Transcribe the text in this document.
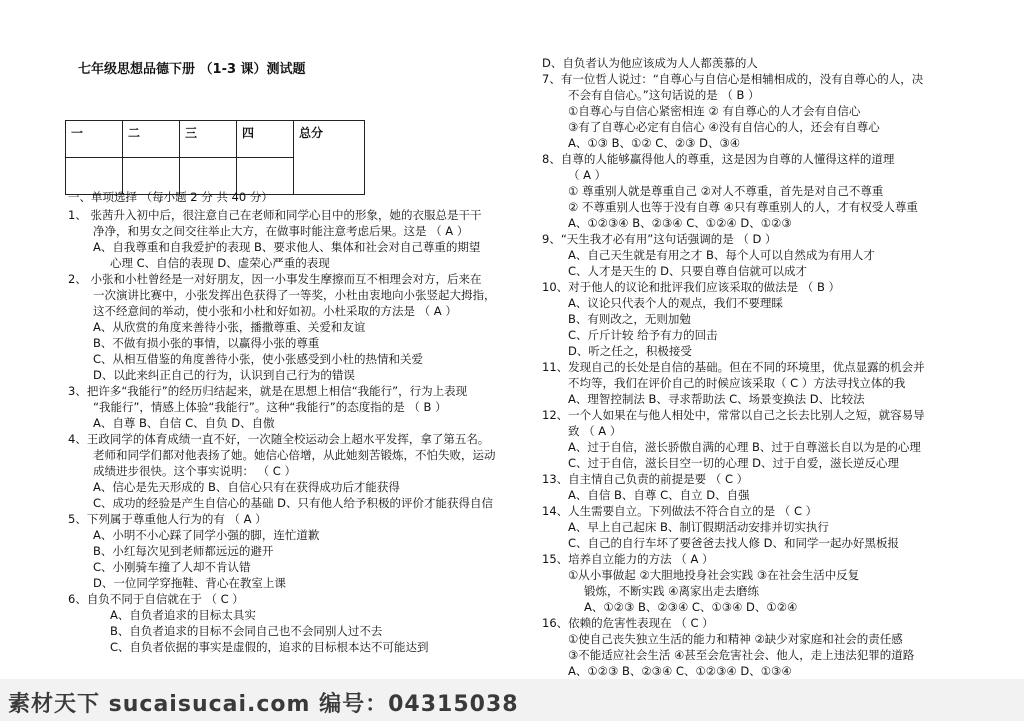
七年级思想品德下册 （1-3 课）测试题
一	二	三	四	总分

一、单项选择 （每小题 2 分 共 40 分）
1、 张茜升入初中后，很注意自己在老师和同学心目中的形象，她的衣服总是干干
净净，和男女之间交往举止大方，在做事时能注意考虑后果。这是 （ A ）
A、自我尊重和自我爱护的表现 B、要求他人、集体和社会对自己尊重的期望
心理 C、自信的表现 D、虚荣心严重的表现
2、 小张和小杜曾经是一对好朋友，因一小事发生摩擦而互不相理会对方，后来在
一次演讲比赛中，小张发挥出色获得了一等奖，小杜由衷地向小张竖起大拇指，
这不经意间的举动，使小张和小杜和好如初。小杜采取的方法是 （ A ）
A、从欣赏的角度来善待小张，播撒尊重、关爱和友谊
B、不做有损小张的事情，以赢得小张的尊重
C、从相互借鉴的角度善待小张，使小张感受到小杜的热情和关爱
D、以此来纠正自己的行为，认识到自己行为的错误
3、把许多“我能行”的经历归结起来，就是在思想上相信“我能行”，行为上表现
“我能行”，情感上体验“我能行”。这种“我能行”的态度指的是 （ B ）
A、自尊 B、自信 C、自负 D、自傲
4、王政同学的体育成绩一直不好，一次随全校运动会上超水平发挥，拿了第五名。
老师和同学们都对他表扬了她。她信心倍增，从此她刻苦锻炼，不怕失败，运动
成绩进步很快。这个事实说明： （ C ）
A、信心是先天形成的 B、自信心只有在获得成功后才能获得
C、成功的经验是产生自信心的基础 D、只有他人给予积极的评价才能获得自信
5、下列属于尊重他人行为的有 （ A ）
A、小明不小心踩了同学小强的脚，连忙道歉
B、小红每次见到老师都远远的避开
C、小刚骑车撞了人却不肯认错
D、一位同学穿拖鞋、背心在教室上课
6、自负不同于自信就在于 （ C ）
A、自负者追求的目标太具实
B、自负者追求的目标不会同自己也不会同别人过不去
C、自负者依据的事实是虚假的，追求的目标根本达不可能达到
D、自负者认为他应该成为人人都羡慕的人
7、有一位哲人说过：“自尊心与自信心是相辅相成的，没有自尊心的人，决
不会有自信心。”这句话说的是 （ B ）
①自尊心与自信心紧密相连 ② 有自尊心的人才会有自信心
③有了自尊心必定有自信心 ④没有自信心的人，还会有自尊心
A、①③ B、①② C、②③ D、③④
8、自尊的人能够赢得他人的尊重，这是因为自尊的人懂得这样的道理
（ A ）
① 尊重别人就是尊重自己 ②对人不尊重，首先是对自己不尊重
② 不尊重别人也等于没有自尊 ④只有尊重别人的人，才有权受人尊重
A、①②③④ B、②③④ C、①②④ D、①②③
9、“天生我才必有用”这句话强调的是 （ D ）
A、自己天生就是有用之才 B、每个人可以自然成为有用人才
C、人才是天生的 D、只要自尊自信就可以成才
10、对于他人的议论和批评我们应该采取的做法是 （ B ）
A、议论只代表个人的观点，我们不要理睬
B、有则改之，无则加勉
C、斤斤计较 给予有力的回击
D、听之任之，积极接受
11、发现自己的长处是自信的基础。但在不同的环境里，优点显露的机会并
不均等，我们在评价自己的时候应该采取（ C ）方法寻找立体的我
A、理智控制法 B、寻求帮助法 C、场景变换法 D、比较法
12、一个人如果在与他人相处中，常常以自己之长去比别人之短，就容易导
致 （ A ）
A、过于自信，滋长骄傲自满的心理 B、过于自尊滋长自以为是的心理
C、过于自信，滋长目空一切的心理 D、过于自爱，滋长逆反心理
13、自主情自己负责的前提是要 （ C ）
A、自信 B、自尊 C、自立 D、自强
14、人生需要自立。下列做法不符合自立的是 （ C ）
A、早上自己起床 B、制订假期活动安排并切实执行
C、自己的自行车坏了要爸爸去找人修 D、和同学一起办好黑板报
15、培养自立能力的方法 （ A ）
①从小事做起 ②大胆地投身社会实践 ③在社会生活中反复
锻炼，不断实践 ④离家出走去磨练
A、①②③ B、②③④ C、①③④ D、①②④
16、依赖的危害性表现在 （ C ）
①使自己丧失独立生活的能力和精神 ②缺少对家庭和社会的责任感
③不能适应社会生活 ④甚至会危害社会、他人，走上违法犯罪的道路
A、①②③ B、②③④ C、①②③④ D、①③④
素材天下 sucaisucai.com 编号：04315038
